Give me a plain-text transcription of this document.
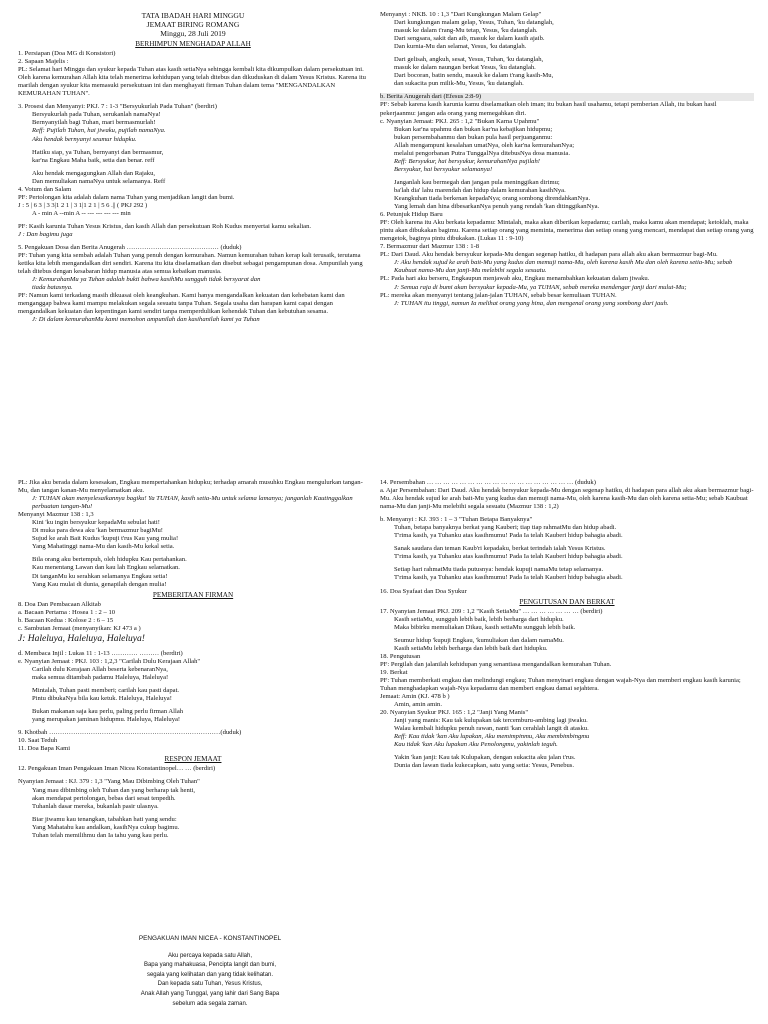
TATA IBADAH HARI MINGGU
JEMAAT BIRING ROMANG
Minggu, 28 Juli 2019
BERHIMPUN MENGHADAP ALLAH
1. Persiapan (Doa MG di Konsistori)
2. Sapaan Majelis :
PL: Selamat hari Minggu dan syukur kepada Tuhan atas kasih setiaNya sehingga kembali kita dikumpulkan dalam persekutuan ini. Oleh karena kemurahan Allah kita telah menerima kehidupan yang telah ditebus dan dikuduskan di dalam Yesus Kristus. Karena itu marilah dengan syukur kita memasuki persekutuan ini dan menghayati firman Tuhan dalam tema "MENGANDALKAN KEMURAHAN TUHAN".
3. Prosesi dan Menyanyi: PKJ. 7 : 1-3 "Bersyukurlah Pada Tuhan" (berdiri)
Bersyukurlah pada Tuhan, serukanlah namaNya!
Bernyanyilah bagi Tuhan, mari bermasmurlah!
Reff: Pujilah Tuhan, hai jiwaku, pujilah namaNya.
Aku hendak bernyanyi seumur hidupku.
Hatiku siap, ya Tuhan, bernyanyi dan bermasmur,
kar'na Engkau Maha baik, setia dan benar. reff
Aku hendak mengagungkan Allah dan Rajaku,
Dan memuliakan namaNya untuk selamanya. Reff
4. Votum dan Salam
PF: Pertolongan kita adalah dalam nama Tuhan yang menjadikan langit dan bumi.
J : 5 | 6 3 | 3 3|1 2 1 | 3 1|1 2 1 | 5 6 .|| ( PKJ 292 )
A - min A --min A -- --- --- --- --- min
PF: Kasih karunia Tuhan Yesus Kristus, dan kasih Allah dan persekutuan Roh Kudus menyertai kamu sekalian.
J : Dan bagimu juga
5. Pengakuan Dosa dan Berita Anugerah …………………………………… (duduk)
PF: Tuhan yang kita sembah adalah Tuhan yang penuh dengan kemurahan. Namun kemurahan tuhan kerap kali terusaik, terutama ketika kita lebih mengandalkan diri sendiri. Karena itu kita diselamatkan dan disebut sebagai pengampunan dosa. Ampunilah yang telah ditebus dengan kesabaran hidup manusia atas semua kebaikan manusia.
J: KemurahanMu ya Tuhan adalah bukti bahwa kasihMu sungguh tidak bersyarat dan
tiada batasnya.
PF: Namun kami terkadang masih dikuasai oleh keangkuhan. Kami hanya mengandalkan kekuatan dan kehebatan kami dan menganggap bahwa kami mampu melakukan segala sesuatu tanpa Tuhan. Segala usaha dan harapan kami capai dengan mengandalkan kekuatan dan kepentingan kami sendiri tanpa memperdulikan kehendak Tuhan dan kebutuhan sesama.
J: Di dalam kemurahanMu kami memohon ampunilah dan kasihanilah kami ya Tuhan
Menyanyi : NKB. 10 : 1,3 "Dari Kungkungan Malam Gelap"
Dari kungkungan malam gelap, Yesus, Tuhan, 'ku datanglah,
masuk ke dalam t'rang-Mu tetap, Yesus, 'ku datanglah.
Dari sengsara, sakit dan aib, masuk ke dalam kasih ajaib.
Dan kurnia-Mu dan selamat, Yesus, 'ku datanglah.
Dari gelisah, angkuh, sesat, Yesus, Tuhan, 'ku datanglah,
masuk ke dalam naungan berkat Yesus, 'ku datanglah.
Dari bocoran, batin sendu, masuk ke dalam t'rang kasih-Mu,
dan sukacita pun milik-Mu, Yesus, 'ku datanglah.
b. Berita Anugerah dari (Efesus 2:8-9)
PF: Sebab karena kasih karunia kamu diselamatkan oleh iman; itu bukan hasil usahamu, tetapi pemberian Allah, itu bukan hasil pekerjaanmu: jangan ada orang yang memegahkan diri.
c. Nyanyian Jemaat: PKJ. 265 : 1,2 "Bukan Karna Upahmu"
Bukan kar'na upahmu dan bukan kar'na kebajikan hidupmu;
bukan persembahanmu dan bukan pula hasil perjuanganmu:
Allah mengampuni kesalahan umatNya, oleh kar'na kemurahanNya;
melalui pengorbanan Putra TunggalNya ditebusNya dosa manusia.
Reff: Bersyukur, hai bersyukur, kemurahanNya pujilah!
Bersyukur, hai bersyukur selamanya!
Janganlah kau bermegah dan jangan pula meninggikan dirimu;
ba'lah dia' lahu marendah dan hidup dalam kemurahan kasihNya.
Keangkuhan tiada berkenan kepadaNya; orang sombong direndahkanNya.
Yang lemah dan hina dibesarkanNya penuh yang rendah 'kan ditinggikanNya.
6. Petunjuk Hidup Baru
PF: Oleh karena itu Aku berkata kepadamu: Mintalah, maka akan diberikan kepadamu; carilah, maka kamu akan mendapat; ketoklah, maka pintu akan dibukakan bagimu. Karena setiap orang yang meminta, menerima dan setiap orang yang mencari, mendapat dan setiap orang yang mengetok, baginya pintu dibukakan. (Lukas 11 : 9-10)
7. Bermazmur dari Mazmur 138 : 1-8
PL: Dari Daud. Aku hendak bersyukur kepada-Mu dengan segenap hatiku, di hadapan para allah aku akan bermazmur bagi-Mu.
J: Aku hendak sujud ke arah bait-Mu yang kudus dan memuji nama-Mu, oleh karena kasih Mu dan oleh karena setia-Mu; sebab Kaubuat nama-Mu dan janji-Mu melebihi segala sesuatu.
PL: Pada hari aku berseru, Engkaupun menjawab aku, Engkau menambahkan kekuatan dalam jiwaku.
J: Semua raja di bumi akan bersyukur kepada-Mu, ya TUHAN, sebab mereka mendengar janji dari mulut-Mu;
PL: mereka akan menyanyi tentang jalan-jalan TUHAN, sebab besar kemuliaan TUHAN.
J: TUHAN itu tinggi, namun Ia melihat orang yang hina, dan mengenal orang yang sombong dari jauh.
PL: Jika aku berada dalam kesesakan, Engkau mempertahankan hidupku; terhadap amarah musuhku Engkau mengulurkan tangan-Mu, dan tangan kanan-Mu menyelamatkan aku.
J: TUHAN akan menyelesaikannya bagiku! Ya TUHAN, kasih setia-Mu untuk selama lamanya; janganlah Kautinggalkan perbuatan tangan-Mu!
Menyanyi Mazmur 138 : 1,3
Kini 'ku ingin bersyukur kepadaMu sebulat hati!
Di muka para dewa aku 'kan bermazmur bagiMu!
Sujud ke arah Bait Kudus 'kupuji t'rus Kau yang mulia!
Yang Mahatinggi nama-Mu dan kasih-Mu kekal setia.
Bila orang aku bertempuh, oleh hidupku Kau pertahankan.
Kau menentang Lawan dan kau lah Engkau selamatkan.
Di tanganMu ku serahkan selamanya Engkau setia!
Yang Kau mulai di dunia, genapilah dengan mulia!
PEMBERITAAN FIRMAN
8. Doa Dan Pembacaan Alkitab
a. Bacaan Pertama : Hosea 1 : 2 – 10
b. Bacaan Kedua : Kolose 2 : 6 – 15
c. Sambutan Jemaat (menyanyikan: KJ 473 a )
J: Haleluya, Haleluya, Haleluya!
d. Membaca Injil : Lukas 11 : 1-13 ………… ……… (berdiri)
e. Nyanyian Jemaat : PKJ. 103 : 1,2,3 "Carilah Dulu Kerajaan Allah"
Carilah dulu Kerajaan Allah beserta kebenaranNya,
maka semua ditambah padamu Haleluya, Haleluya!
Mintalah, Tuhan pasti memberi; carilah kau pasti dapat.
Pintu dibukaNya bila kau ketuk. Haleluya, Haleluya!
Bukan makanan saja kau perlu, paling perlu firman Allah
yang merupakan jaminan hidupmu. Haleluya, Haleluya!
9. Khotbah ……………………………………………………………………(duduk)
10. Saat Teduh
11. Doa Bapa Kami
RESPON JEMAAT
12. Pengakuan Iman Pengakuan Iman Nicea Konstantinopel… … (berdiri)
Nyanyian Jemaat : KJ. 379 : 1,3 "Yang Mau Dibimbing Oleh Tuhan"
Yang mau dibimbing oleh Tuhan dan yang berharap tak henti,
akan mendapat pertolongan, bebas dari sesat tenpedih.
Tuhanlah dasar mereka, bukanlah pasir ulasnya.
Biar jiwamu kau tenangkan, tabahkan hati yang sendu:
Yang Mahatahu kau andalkan, kasihNya cukup bagimu.
Tuhan telah memilihmu dan Ia tahu yang kau perlu.
14. Persembahan … … … … … … … … … … … … … … … … … … (duduk)
a. Ajar Persembahan: Dari Daud. Aku hendak bersyukur kepada-Mu dengan segenap hatiku, di hadapan para allah aku akan bermazmur bagi-Mu. Aku hendak sujud ke arah bait-Mu yang kudus dan memuji nama-Mu, oleh karena kasih-Mu dan oleh karena setia-Mu; sebab Kaubuat nama-Mu dan janji-Mu melebihi segala sesuatu (Mazmur 138 : 1,2)
b. Menyanyi : KJ. 393 : 1 – 3 "Tuhan Betapa Banyaknya"
Tuhan, betapa banyaknya berkat yang Kauberi; tiap tiap rahmatMu dan hidup abadi.
T'rima kasih, ya Tuhanku atas kasihmumu! Pada Ia telah Kauberi hidup bahagia abadi.
Sanak saudara dan teman Kaub'ri kepadaku, berkat terindah ialah Yesus Kristus.
T'rima kasih, ya Tuhanku atas kasihmumu! Pada Ia telah Kauberi hidup bahagia abadi.
Setiap hari rahmatMu tiada putusnya: hendak kupuji namaMu tetap selamanya.
T'rima kasih, ya Tuhanku atas kasihmumu! Pada Ia telah Kauberi hidup bahagia abadi.
16. Doa Syafaat dan Doa Syukur
PENGUTUSAN DAN BERKAT
17. Nyanyian Jemaat PKJ. 209 : 1,2 "Kasih SetiaMu" … … … … … … … (berdiri)
Kasih setiaMu, sungguh lebih baik, lebih berharga dari hidupku.
Maka bibirku memuliakan Dikau, kasih setiaMu sungguh lebih baik.
Seumur hidup 'kupuji Engkau, 'kumuliakan dan dalam namaMu.
Kasih setiaMu lebih berharga dan lebih baik dari hidupku.
18. Pengutusan
PF: Pergilah dan jalanilah kehidupan yang senantiasa mengandalkan kemurahan Tuhan.
19. Berkat
PF: Tuhan memberkati engkau dan melindungi engkau; Tuhan menyinari engkau dengan wajah-Nya dan memberi engkau kasih karunia; Tuhan menghadapkan wajah-Nya kepadamu dan memberi engkau damai sejahtera.
Jemaat: Amin (KJ. 478 b )
Amin, amin amin.
20. Nyanyian Syukur PKJ. 165 : 1,2 "Janji Yang Manis"
Janji yang manis: Kau tak kulupakan tak tercemburu-ambing lagi jiwaku.
Walau kembali hidupku penuh rawan, nanti 'kan cerahlah langit di atasku.
Reff: Kau tidak 'kan Aku lupakan, Aku memimpinmu, Aku membimbingmu
Kau tidak 'kan Aku lupakan Aku Penolongmu, yakinlah teguh.
Yakin 'kan janji: Kau tak Kulupakan, dengan sukacita aku jalan t'rus.
Dunia dan lawan tiada kukecapkan, satu yang setia: Yesus, Penebus.
PENGAKUAN IMAN NICEA - KONSTANTINOPEL
Aku percaya kepada satu Allah,
Bapa yang mahakuasa, Pencipta langit dan bumi,
segala yang kelihatan dan yang tidak kelihatan.
Dan kepada satu Tuhan, Yesus Kristus,
Anak Allah yang Tunggal, yang lahir dari Sang Bapa
sebelum ada segala zaman.
